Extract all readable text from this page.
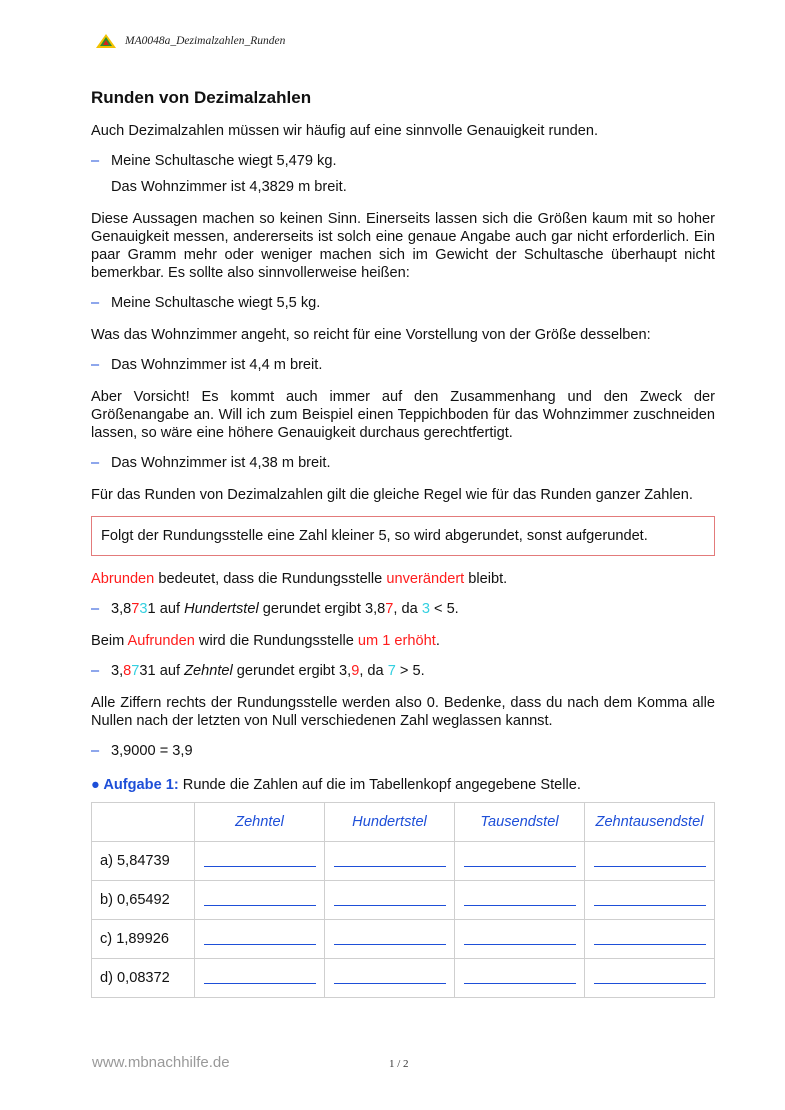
MA0048a_Dezimalzahlen_Runden
Runden von Dezimalzahlen

Auch Dezimalzahlen müssen wir häufig auf eine sinnvolle Genauigkeit runden.

– Meine Schultasche wiegt 5,479 kg.
Das Wohnzimmer ist 4,3829 m breit.

Diese Aussagen machen so keinen Sinn. Einerseits lassen sich die Größen kaum mit so hoher Genauigkeit messen, andererseits ist solch eine genaue Angabe auch gar nicht erforderlich. Ein paar Gramm mehr oder weniger machen sich im Gewicht der Schultasche überhaupt nicht bemerkbar. Es sollte also sinnvollerweise heißen:

– Meine Schultasche wiegt 5,5 kg.

Was das Wohnzimmer angeht, so reicht für eine Vorstellung von der Größe desselben:

– Das Wohnzimmer ist 4,4 m breit.

Aber Vorsicht! Es kommt auch immer auf den Zusammenhang und den Zweck der Größenangabe an. Will ich zum Beispiel einen Teppichboden für das Wohnzimmer zuschneiden lassen, so wäre eine höhere Genauigkeit durchaus gerechtfertigt.

– Das Wohnzimmer ist 4,38 m breit.

Für das Runden von Dezimalzahlen gilt die gleiche Regel wie für das Runden ganzer Zahlen.

Folgt der Rundungsstelle eine Zahl kleiner 5, so wird abgerundet, sonst aufgerundet.

Abrunden bedeutet, dass die Rundungsstelle unverändert bleibt.

– 3,8731 auf Hundertstel gerundet ergibt 3,87, da 3 < 5.

Beim Aufrunden wird die Rundungsstelle um 1 erhöht.

– 3,8731 auf Zehntel gerundet ergibt 3,9, da 7 > 5.

Alle Ziffern rechts der Rundungsstelle werden also 0. Bedenke, dass du nach dem Komma alle Nullen nach der letzten von Null verschiedenen Zahl weglassen kannst.

– 3,9000 = 3,9
● Aufgabe 1: Runde die Zahlen auf die im Tabellenkopf angegebene Stelle.
	Zehntel	Hundertstel	Tausendstel	Zehntausendstel
a) 5,84739				
b) 0,65492				
c) 1,89926				
d) 0,08372				
www.mbnachhilfe.de	1 / 2
